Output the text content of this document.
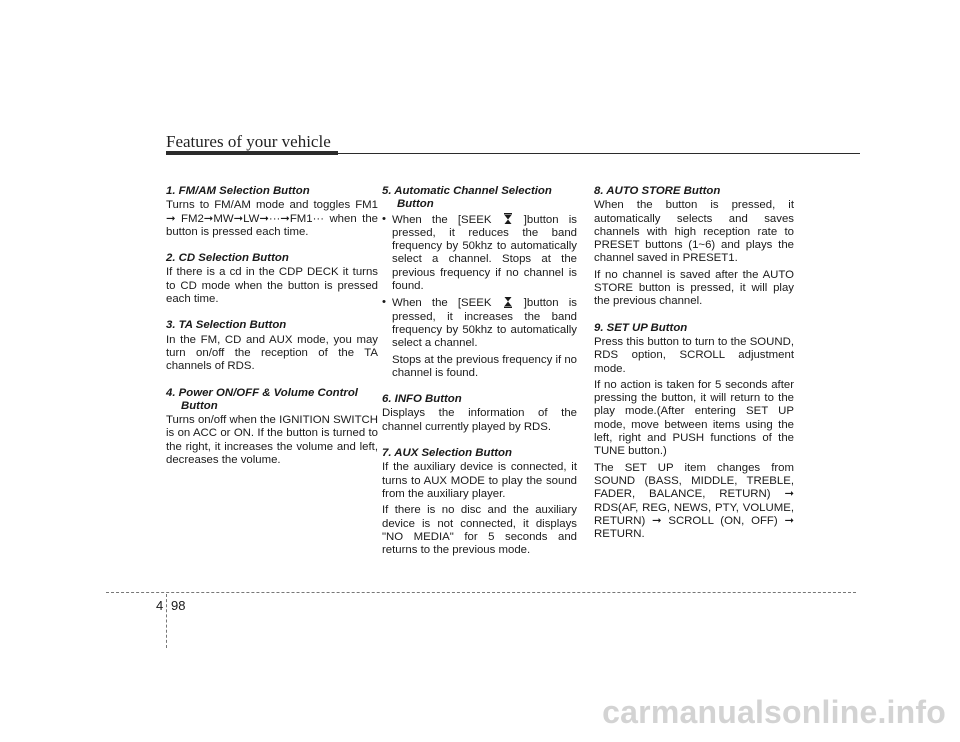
Features of your vehicle
1. FM/AM Selection Button
Turns to FM/AM mode and toggles FM1 ➞ FM2➞MW➞LW➞···➞FM1··· when the button is pressed each time.
2. CD Selection Button
If there is a cd in the CDP DECK it turns to CD mode when the button is pressed each time.
3. TA Selection Button
In the FM, CD and AUX mode, you may turn on/off the reception of the TA channels of RDS.
4. Power ON/OFF & Volume Control
Button
Turns on/off when the IGNITION SWITCH is on ACC or ON. If the button is turned to the right, it increases the volume and left, decreases the volume.
5. Automatic Channel Selection
Button
• When the [SEEK	]button is pressed, it reduces the band frequency by 50khz to automatically select a channel. Stops at the previous frequency if no channel is found.
• When the [SEEK	]button is pressed, it increases the band frequency by 50khz to automatically select a channel.
Stops at the previous frequency if no channel is found.
6. INFO Button
Displays the information of the channel currently played by RDS.
7. AUX Selection Button
If the auxiliary device is connected, it turns to AUX MODE to play the sound from the auxiliary player.
If there is no disc and the auxiliary device is not connected, it displays "NO MEDIA" for 5 seconds and returns to the previous mode.
8. AUTO STORE Button
When the button is pressed, it automatically selects and saves channels with high reception rate to PRESET buttons (1~6) and plays the channel saved in PRESET1.
If no channel is saved after the AUTO STORE button is pressed, it will play the previous channel.
9. SET UP Button
Press this button to turn to the SOUND, RDS option, SCROLL adjustment mode.
If no action is taken for 5 seconds after pressing the button, it will return to the play mode.(After entering SET UP mode, move between items using the left, right and PUSH functions of the TUNE button.)
The SET UP item changes from SOUND (BASS, MIDDLE, TREBLE, FADER, BALANCE, RETURN) ➞ RDS(AF, REG, NEWS, PTY, VOLUME, RETURN) ➞ SCROLL (ON, OFF) ➞ RETURN.
4 98
carmanualsonline.info
